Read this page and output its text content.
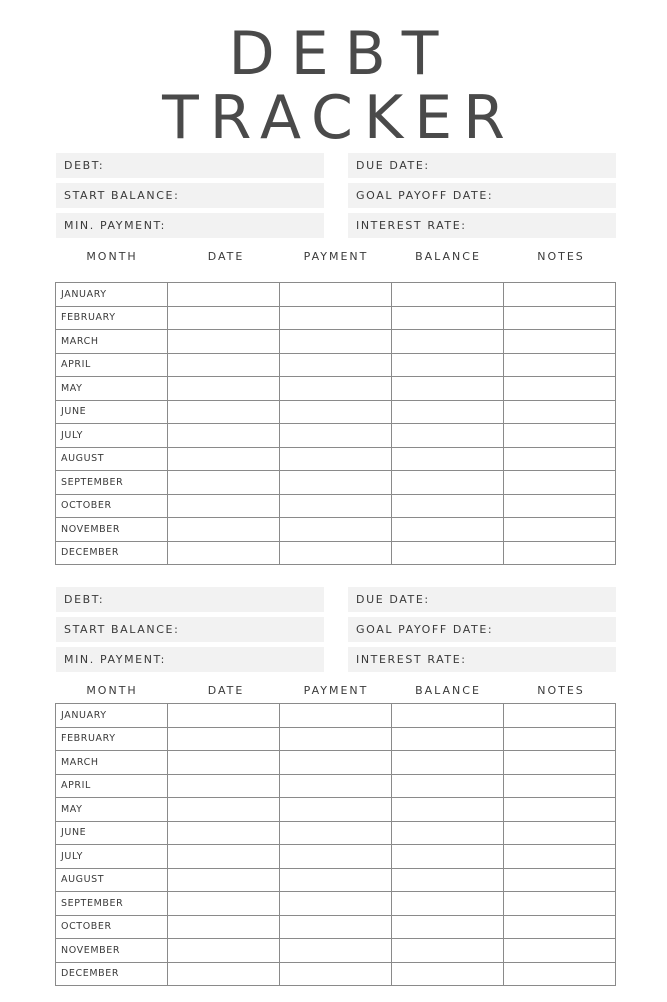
DEBT
TRACKER
DEBT:	DUE DATE:
START BALANCE:	GOAL PAYOFF DATE:
MIN. PAYMENT:	INTEREST RATE:
MONTH	DATE	PAYMENT	BALANCE	NOTES
JANUARY				
FEBRUARY				
MARCH				
APRIL				
MAY				
JUNE				
JULY				
AUGUST				
SEPTEMBER				
OCTOBER				
NOVEMBER				
DECEMBER				
DEBT:	DUE DATE:
START BALANCE:	GOAL PAYOFF DATE:
MIN. PAYMENT:	INTEREST RATE:
MONTH	DATE	PAYMENT	BALANCE	NOTES
JANUARY				
FEBRUARY				
MARCH				
APRIL				
MAY				
JUNE				
JULY				
AUGUST				
SEPTEMBER				
OCTOBER				
NOVEMBER				
DECEMBER				
